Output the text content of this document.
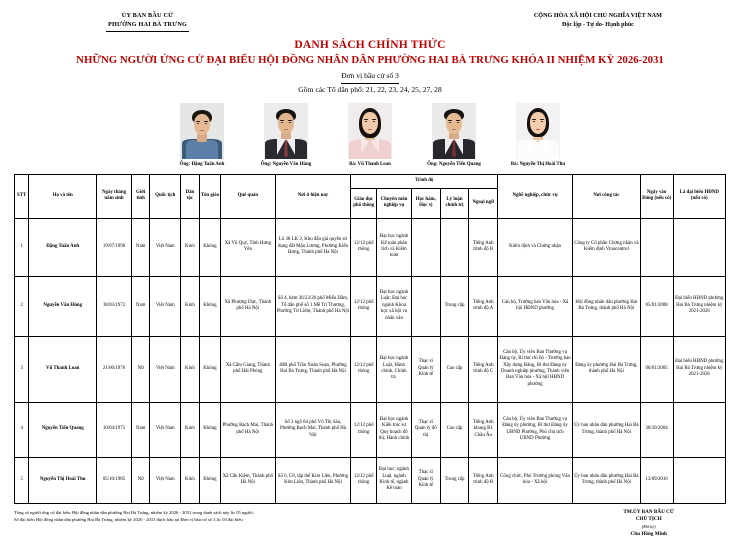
ỦY BAN BẦU CỬ
PHƯỜNG HAI BÀ TRƯNG
CỘNG HÒA XÃ HỘI CHỦ NGHĨA VIỆT NAM
Độc lập - Tự do- Hạnh phúc
DANH SÁCH CHÍNH THỨC
NHỮNG NGƯỜI ỨNG CỬ ĐẠI BIỂU HỘI ĐỒNG NHÂN DÂN PHƯỜNG HAI BÀ TRƯNG KHÓA II NHIỆM KỲ 2026-2031
Đơn vị bầu cử số 3
Gồm các Tổ dân phố: 21, 22, 23, 24, 25, 27, 28
Ông: Đặng Tuấn Anh	Ông: Nguyễn Văn Hùng	Bà: Vũ Thanh Loan	Ông: Nguyễn Tiến Quang	Bà: Nguyễn Thị Hoài Thu
STT	Họ và tên	Ngày tháng năm sinh	Giới tính	Quốc tịch	Dân tộc	Tôn giáo	Quê quán	Nơi ở hiện nay	Trình độ					Nghề nghiệp, chức vụ	Nơi công tác	Ngày vào Đảng (nếu có)	Là đại biểu HĐND (nếu có)
									Giáo dục phổ thông	Chuyên môn nghiệp vụ	Học hàm, Học vị	Lý luận chính trị	Ngoại ngữ				
1	Đặng Tuấn Anh	19/07/1990	Nam	Việt Nam	Kinh	Không	Xã Vũ Quý, Tỉnh Hưng Yên	Lô 38 LK 3, Khu đấu giá quyền sử dụng đất Mậu Lương, Phường Kiến Hưng, Thành phố Hà Nội	12/12 phổ thông	Đại học ngành Kế toán phân tích và Kiểm toán			Tiếng Anh trình độ B	Kiểm định và Chứng nhận	Công ty Cổ phần Chứng nhận và Kiểm định Vinacontrol		
2	Nguyễn Văn Hùng	18/03/1972	Nam	Việt Nam	Kinh	Không	Xã Phượng Dực, Thành phố Hà Nội	Số 4, hẻm 36/23/26 phố Miếu Đầm, Tổ dân phố số 1 Mễ Trì Thượng, Phường Từ Liêm, Thành phố Hà Nội	12/12 phổ thông	Đại học ngành Luật; Đại học ngành Khoa học xã hội và nhân văn		Trung cấp	Tiếng Anh trình độ A	Cán bộ, Trưởng ban Văn hóa - Xã hội HĐND phường	Hội đồng nhân dân phường Hai Bà Trưng, thành phố Hà Nội	05/01/2008	Đại biểu HĐND phường Hai Bà Trưng nhiệm kỳ 2021-2026
3	Vũ Thanh Loan	21/06/1976	Nữ	Việt Nam	Kinh	Không	Xã Cẩm Giang, Thành phố Hải Phòng	40B phố Trần Xuân Soạn, Phường Hai Bà Trưng, Thành phố Hà Nội	12/12 phổ thông	Đại học ngành Luật, Hành chính, Chính trị.	Thạc sĩ Quản lý Kinh tế	Cao cấp	Tiếng Anh trình độ C	Cán bộ, Ủy viên Ban Thường vụ Đảng ủy, Bí thư chi bộ - Trưởng ban Xây dựng Đảng, Bí thư Đảng ủy Doanh nghiệp phường, Thành viên Ban Văn hóa - Xã hội HĐND phường	Đảng ủy phường Hai Bà Trưng, thành phố Hà Nội	06/01/2005	Đại biểu HĐND phường Hai Bà Trưng nhiệm kỳ 2021-2026
4	Nguyễn Tiến Quang	10/04/1975	Nam	Việt Nam	Kinh	Không	Phường Bạch Mai, Thành phố Hà Nội	Số 3 ngõ 84 phố Võ Thị Sáu, Phường Bạch Mai, Thành phố Hà Nội	12/12 phổ thông	Đại học ngành Kiến trúc sư Quy hoạch đô thị; Hành chính	Thạc sĩ Quản lý đô thị	Cao cấp	Tiếng Anh khung B1 Châu Âu	Cán bộ, Ủy viên Ban Thường vụ Đảng ủy phường, Bí thư Đảng ủy UBND Phường, Phó chủ tịch UBND Phường	Ủy ban nhân dân phường Hai Bà Trưng, thành phố Hà Nội	30/10/2004	
5	Nguyễn Thị Hoài Thu	05/10/1985	Nữ	Việt Nam	Kinh	Không	Xã Cẩn Kiệm, Thành phố Hà Nội	Số 6, C8, tập thể Kim Liên, Phường Kim Liên, Thành phố Hà Nội	12/12 phổ thông	Đại học: ngành Luật, ngành Kinh tế, ngành Kế toán	Thạc sĩ Quản lý Kinh tế	Trung cấp	Tiếng Anh trình độ B	Công chức, Phó Trưởng phòng Văn hóa - Xã hội	Ủy ban nhân dân phường Hai Bà Trưng, thành phố Hà Nội	13/09/2016	
Tổng số người ứng cử đại biểu Hội đồng nhân dân phường Hai Bà Trưng, nhiệm kỳ 2026 - 2031 trong danh sách này là: 05 người.
Số đại biểu Hội đồng nhân dân phường Hai Bà Trưng, nhiệm kỳ 2026 - 2031 được bầu tại Đơn vị bầu cử số 3 là: 03 đại biểu
TM.ỦY BAN BẦU CỬ
CHỦ TỊCH
(Đã ký)
Chu Hồng Minh
